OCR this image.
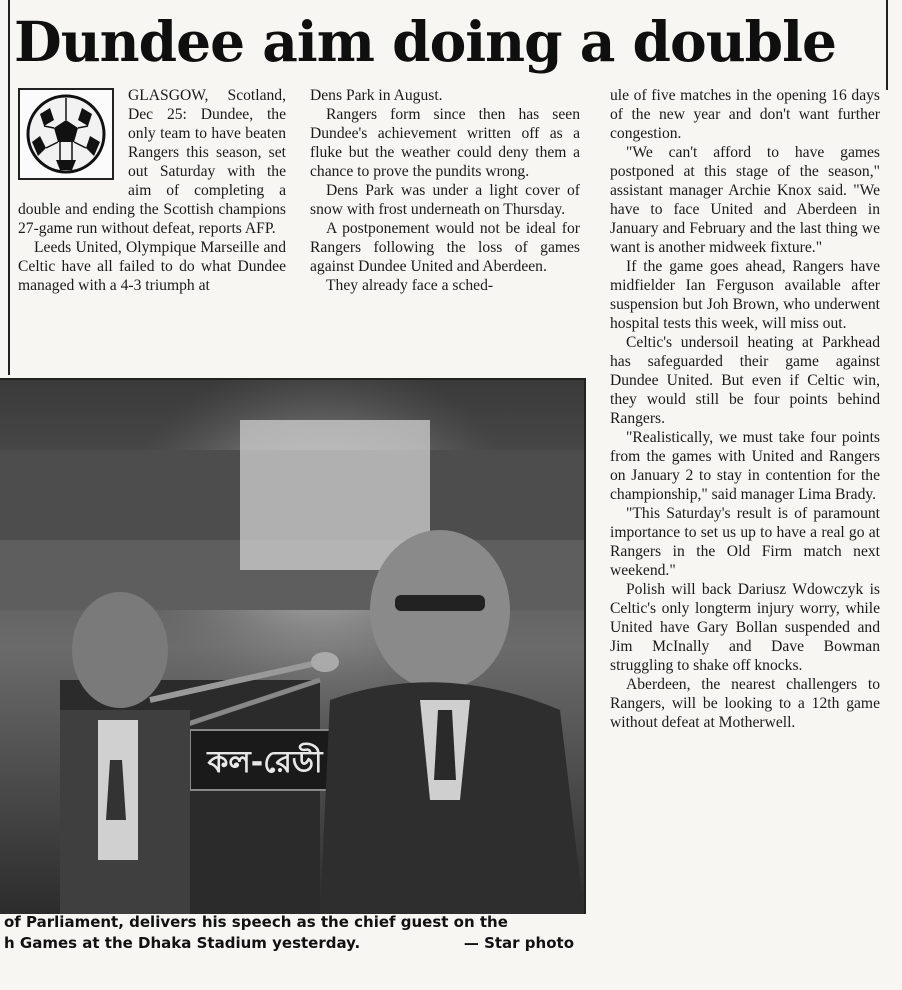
Dundee aim doing a double

GLASGOW, Scotland, Dec 25: Dundee, the only team to have beaten Rangers this season, set out Saturday with the aim of completing a double and ending the Scottish champions 27-game run without defeat, reports AFP.

Leeds United, Olympique Marseille and Celtic have all failed to do what Dundee managed with a 4-3 triumph at

Dens Park in August.

Rangers form since then has seen Dundee's achievement written off as a fluke but the weather could deny them a chance to prove the pundits wrong.

Dens Park was under a light cover of snow with frost underneath on Thursday.

A postponement would not be ideal for Rangers following the loss of games against Dundee United and Aberdeen.

They already face a sched-

ule of five matches in the opening 16 days of the new year and don't want further congestion.

"We can't afford to have games postponed at this stage of the season," assistant manager Archie Knox said. "We have to face United and Aberdeen in January and February and the last thing we want is another midweek fixture."

If the game goes ahead, Rangers have midfielder Ian Ferguson available after suspension but Joh Brown, who underwent hospital tests this week, will miss out.

Celtic's undersoil heating at Parkhead has safeguarded their game against Dundee United. But even if Celtic win, they would still be four points behind Rangers.

"Realistically, we must take four points from the games with United and Rangers on January 2 to stay in contention for the championship," said manager Lima Brady.

"This Saturday's result is of paramount importance to set us up to have a real go at Rangers in the Old Firm match next weekend."

Polish will back Dariusz Wdowczyk is Celtic's only longterm injury worry, while United have Gary Bollan suspended and Jim McInally and Dave Bowman struggling to shake off knocks.

Aberdeen, the nearest challengers to Rangers, will be looking to a 12th game without defeat at Motherwell.

কল-রেডী
of Parliament, delivers his speech as the chief guest on the
h Games at the Dhaka Stadium yesterday.	— Star photo
